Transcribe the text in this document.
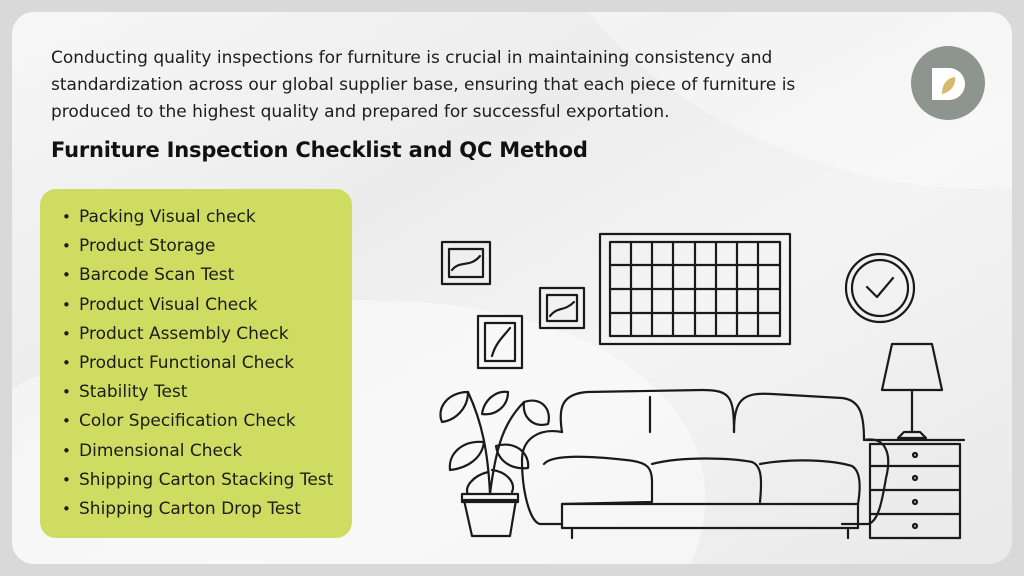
Conducting quality inspections for furniture is crucial in maintaining consistency and standardization across our global supplier base, ensuring that each piece of furniture is produced to the highest quality and prepared for successful exportation.

Furniture Inspection Checklist and QC Method
• Packing Visual check
• Product Storage
• Barcode Scan Test
• Product Visual Check
• Product Assembly Check
• Product Functional Check
• Stability Test
• Color Specification Check
• Dimensional Check
• Shipping Carton Stacking Test
• Shipping Carton Drop Test
